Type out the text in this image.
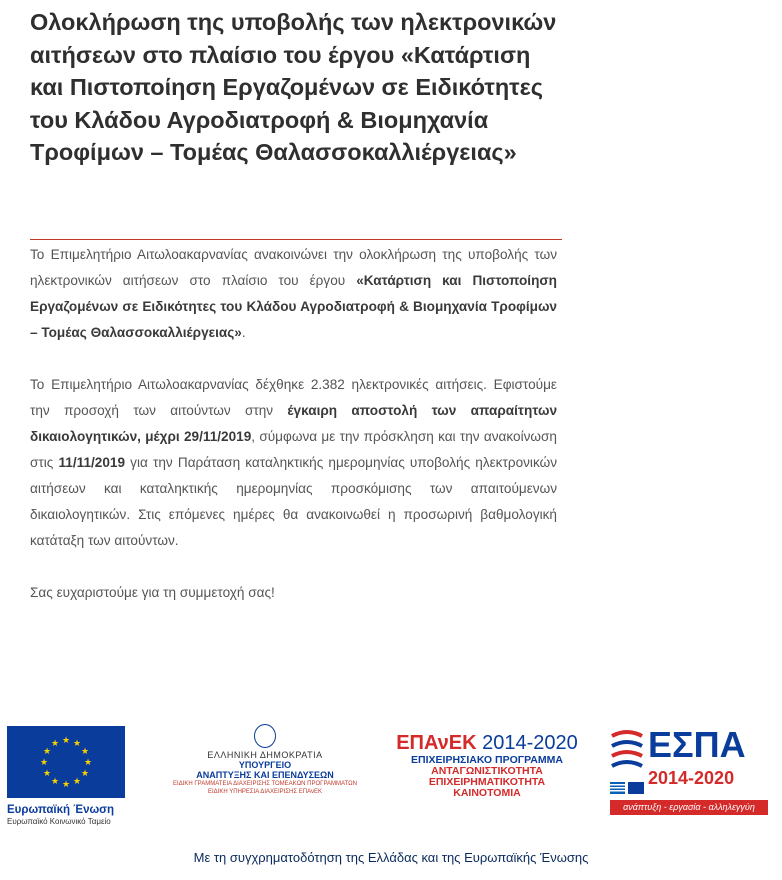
Ολοκλήρωση της υποβολής των ηλεκτρονικών αιτήσεων στο πλαίσιο του έργου «Κατάρτιση και Πιστοποίηση Εργαζομένων σε Ειδικότητες του Κλάδου Αγροδιατροφή & Βιομηχανία Τροφίμων – Τομέας Θαλασσοκαλλιέργειας»

Το Επιμελητήριο Αιτωλοακαρνανίας ανακοινώνει την ολοκλήρωση της υποβολής των ηλεκτρονικών αιτήσεων στο πλαίσιο του έργου «Κατάρτιση και Πιστοποίηση Εργαζομένων σε Ειδικότητες του Κλάδου Αγροδιατροφή & Βιομηχανία Τροφίμων – Τομέας Θαλασσοκαλλιέργειας».

Το Επιμελητήριο Αιτωλοακαρνανίας δέχθηκε 2.382 ηλεκτρονικές αιτήσεις. Εφιστούμε την προσοχή των αιτούντων στην έγκαιρη αποστολή των απαραίτητων δικαιολογητικών, μέχρι 29/11/2019, σύμφωνα με την πρόσκληση και την ανακοίνωση στις 11/11/2019 για την Παράταση καταληκτικής ημερομηνίας υποβολής ηλεκτρονικών αιτήσεων και καταληκτικής ημερομηνίας προσκόμισης των απαιτούμενων δικαιολογητικών. Στις επόμενες ημέρες θα ανακοινωθεί η προσωρινή βαθμολογική κατάταξη των αιτούντων.

Σας ευχαριστούμε για τη συμμετοχή σας!

★ ★
★
★
★
★
★
★
★
★
★
★
Ευρωπαϊκή Ένωση
Ευρωπαϊκό Κοινωνικό Ταμείο
ΕΛΛΗΝΙΚΗ ΔΗΜΟΚΡΑΤΙΑ
ΥΠΟΥΡΓΕΙΟ
ΑΝΑΠΤΥΞΗΣ ΚΑΙ ΕΠΕΝΔΥΣΕΩΝ
ΕΙΔΙΚΗ ΓΡΑΜΜΑΤΕΙΑ ΔΙΑΧΕΙΡΙΣΗΣ ΤΟΜΕΑΚΩΝ ΠΡΟΓΡΑΜΜΑΤΩΝ
ΕΙΔΙΚΗ ΥΠΗΡΕΣΙΑ ΔΙΑΧΕΙΡΙΣΗΣ ΕΠΑνΕΚ
ΕΠΑνΕΚ 2014-2020
ΕΠΙΧΕΙΡΗΣΙΑΚΟ ΠΡΟΓΡΑΜΜΑ
ΑΝΤΑΓΩΝΙΣΤΙΚΟΤΗΤΑ
ΕΠΙΧΕΙΡΗΜΑΤΙΚΟΤΗΤΑ
ΚΑΙΝΟΤΟΜΙΑ
ΕΣΠΑ
2014-2020
ανάπτυξη - εργασία - αλληλεγγύη
Με τη συγχρηματοδότηση της Ελλάδας και της Ευρωπαϊκής Ένωσης
